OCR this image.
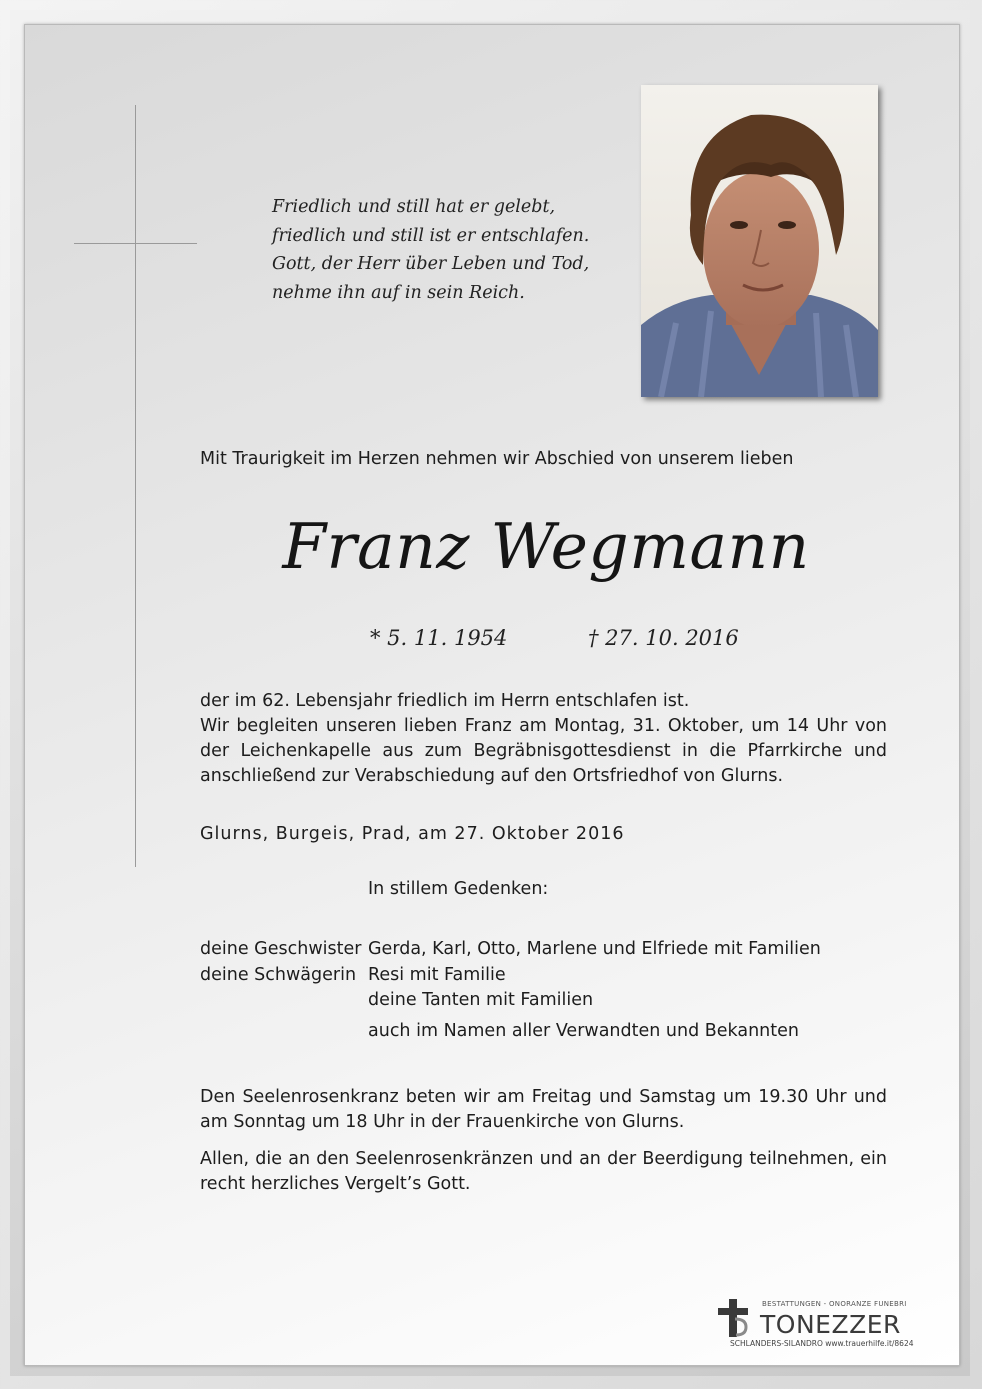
Friedlich und still hat er gelebt,
friedlich und still ist er entschlafen.
Gott, der Herr über Leben und Tod,
nehme ihn auf in sein Reich.
Mit Traurigkeit im Herzen nehmen wir Abschied von unserem lieben
Franz Wegmann
* 5. 11. 1954	† 27. 10. 2016
der im 62. Lebensjahr friedlich im Herrn entschlafen ist.
Wir begleiten unseren lieben Franz am Montag, 31. Oktober, um 14 Uhr von der Leichenkapelle aus zum Begräbnisgottesdienst in die Pfarrkirche und anschließend zur Verabschiedung auf den Ortsfriedhof von Glurns.
Glurns, Burgeis, Prad, am 27. Oktober 2016
In stillem Gedenken:
deine Geschwister Gerda, Karl, Otto, Marlene und Elfriede mit Familien
deine Schwägerin Resi mit Familie
deine Tanten mit Familien
auch im Namen aller Verwandten und Bekannten
Den Seelenrosenkranz beten wir am Freitag und Samstag um 19.30 Uhr und am Sonntag um 18 Uhr in der Frauenkirche von Glurns.
Allen, die an den Seelenrosenkränzen und an der Beerdigung teilnehmen, ein recht herzliches Vergelt’s Gott.
BESTATTUNGEN - ONORANZE FUNEBRI
TONEZZER
SCHLANDERS-SILANDRO www.trauerhilfe.it/8624
